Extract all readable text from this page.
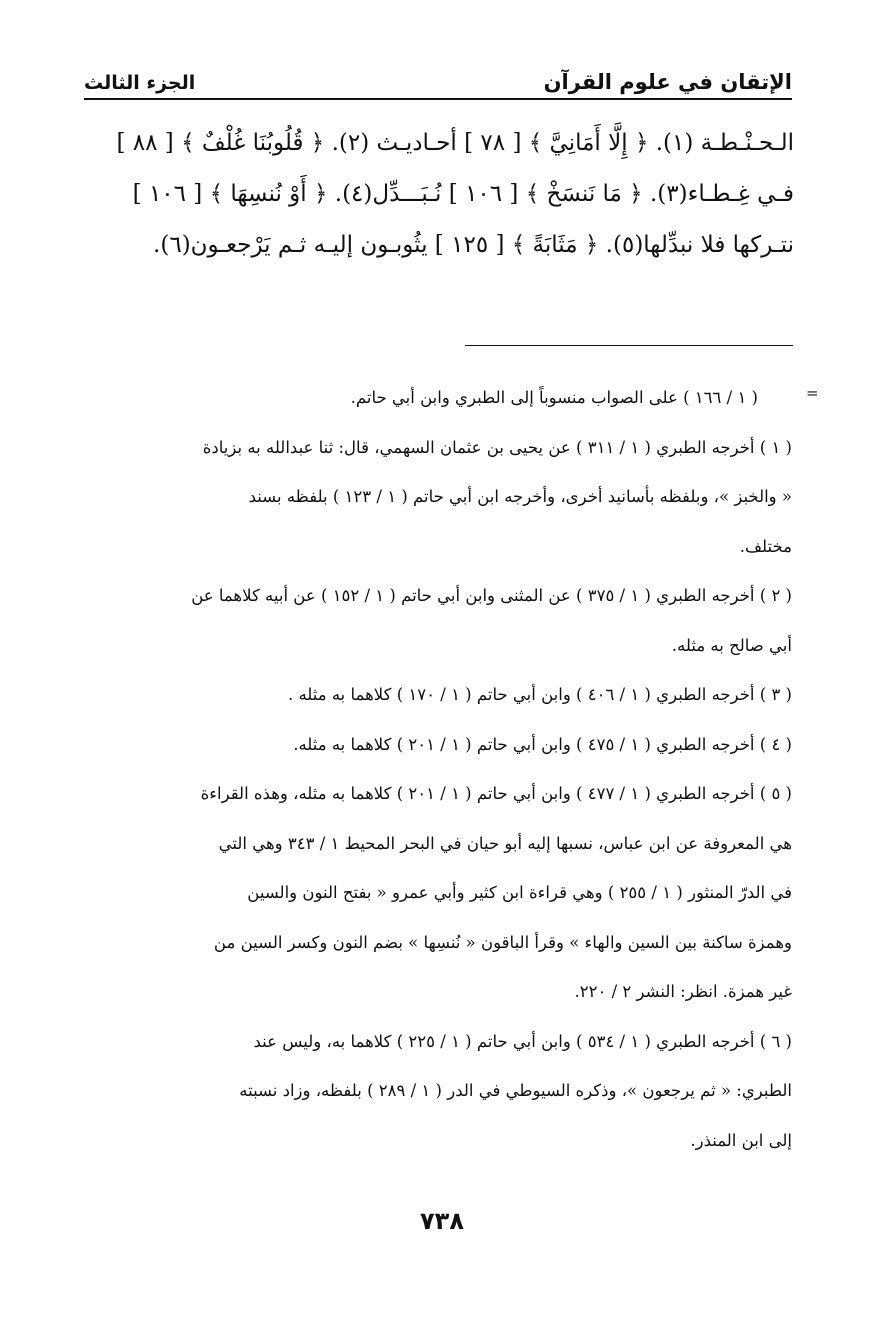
الإتقان في علوم القرآن
الجزء الثالث

الـحـنْـطـة (١). ﴿ إِلَّا أَمَانِيَّ ﴾ [ ٧٨ ] أحـاديـث (٢). ﴿ قُلُوبُنَا غُلْفٌ ﴾ [ ٨٨ ]

فـي غِـطـاء(٣). ﴿ مَا نَنسَخْ ﴾ [ ١٠٦ ] نُـبَـــدِّل(٤). ﴿ أَوْ نُنسِهَا ﴾ [ ١٠٦ ]

نتـركها فلا نبدِّلها(٥). ﴿ مَثَابَةً ﴾ [ ١٢٥ ] يثُوبـون إليـه ثـم يَرْجعـون(٦).

=
( ١ / ١٦٦ ) على الصواب منسوباً إلى الطبري وابن أبي حاتم.
( ١ ) أخرجه الطبري ( ١ / ٣١١ ) عن يحيى بن عثمان السهمي، قال: ثنا عبدالله به بزيادة
« والخبز »، وبلفظه بأسانيد أخرى، وأخرجه ابن أبي حاتم ( ١ / ١٢٣ ) بلفظه بسند
مختلف.
( ٢ ) أخرجه الطبري ( ١ / ٣٧٥ ) عن المثنى وابن أبي حاتم ( ١ / ١٥٢ ) عن أبيه كلاهما عن
أبي صالح به مثله.
( ٣ ) أخرجه الطبري ( ١ / ٤٠٦ ) وابن أبي حاتم ( ١ / ١٧٠ ) كلاهما به مثله .
( ٤ ) أخرجه الطبري ( ١ / ٤٧٥ ) وابن أبي حاتم ( ١ / ٢٠١ ) كلاهما به مثله.
( ٥ ) أخرجه الطبري ( ١ / ٤٧٧ ) وابن أبي حاتم ( ١ / ٢٠١ ) كلاهما به مثله، وهذه القراءة
هي المعروفة عن ابن عباس، نسبها إليه أبو حيان في البحر المحيط ١ / ٣٤٣ وهي التي
في الدرّ المنثور ( ١ / ٢٥٥ ) وهي قراءة ابن كثير وأبي عمرو « بفتح النون والسين
وهمزة ساكنة بين السين والهاء » وقرأ الباقون « نُنسِها » بضم النون وكسر السين من
غير همزة. انظر: النشر ٢ / ٢٢٠.
( ٦ ) أخرجه الطبري ( ١ / ٥٣٤ ) وابن أبي حاتم ( ١ / ٢٢٥ ) كلاهما به، وليس عند
الطبري: « ثم يرجعون »، وذكره السيوطي في الدر ( ١ / ٢٨٩ ) بلفظه، وزاد نسبته
إلى ابن المنذر.
٧٣٨
